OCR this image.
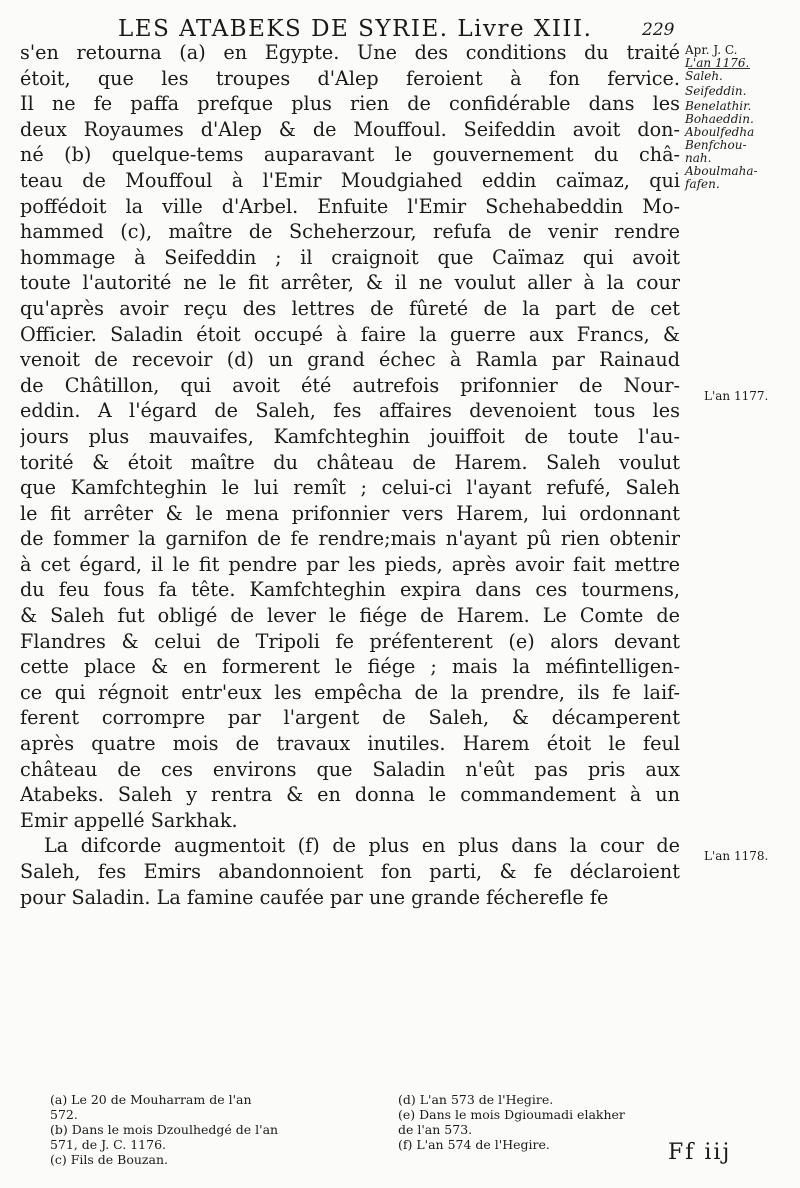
LES ATABEKS DE SYRIE. Livre XIII.	229
s'en retourna (a) en Egypte. Une des conditions du traité
étoit, que les troupes d'Alep feroient à fon fervice.
Il ne fe paffa prefque plus rien de confidérable dans les
deux Royaumes d'Alep & de Mouffoul. Seifeddin avoit don-
né (b) quelque-tems auparavant le gouvernement du châ-
teau de Mouffoul à l'Emir Moudgiahed eddin caïmaz, qui
poffédoit la ville d'Arbel. Enfuite l'Emir Schehabeddin Mo-
hammed (c), maître de Scheherzour, refufa de venir rendre
hommage à Seifeddin ; il craignoit que Caïmaz qui avoit
toute l'autorité ne le fit arrêter, & il ne voulut aller à la cour
qu'après avoir reçu des lettres de fûreté de la part de cet
Officier. Saladin étoit occupé à faire la guerre aux Francs, &
venoit de recevoir (d) un grand échec à Ramla par Rainaud
de Châtillon, qui avoit été autrefois prifonnier de Nour-
eddin. A l'égard de Saleh, fes affaires devenoient tous les
jours plus mauvaifes, Kamfchteghin jouiffoit de toute l'au-
torité & étoit maître du château de Harem. Saleh voulut
que Kamfchteghin le lui remît ; celui-ci l'ayant refufé, Saleh
le fit arrêter & le mena prifonnier vers Harem, lui ordonnant
de fommer la garnifon de fe rendre;mais n'ayant pû rien obtenir
à cet égard, il le fit pendre par les pieds, après avoir fait mettre
du feu fous fa tête. Kamfchteghin expira dans ces tourmens,
& Saleh fut obligé de lever le fiége de Harem. Le Comte de
Flandres & celui de Tripoli fe préfenterent (e) alors devant
cette place & en formerent le fiége ; mais la méfintelligen-
ce qui régnoit entr'eux les empêcha de la prendre, ils fe laif-
ferent corrompre par l'argent de Saleh, & décamperent
après quatre mois de travaux inutiles. Harem étoit le feul
château de ces environs que Saladin n'eût pas pris aux
Atabeks. Saleh y rentra & en donna le commandement à un
Emir appellé Sarkhak.
La difcorde augmentoit (f) de plus en plus dans la cour de
Saleh, fes Emirs abandonnoient fon parti, & fe déclaroient
pour Saladin. La famine caufée par une grande fécherefle fe
Apr. J. C.
L'an 1176.
Saleh.
Seifeddin.
Benelathir.
Bohaeddin.
Aboulfedha
Benfchou-
nah.
Aboulmaha-
fafen.
L'an 1177.
L'an 1178.
(a) Le 20 de Mouharram de l'an
572.
(b) Dans le mois Dzoulhedgé de l'an
571, de J. C. 1176.
(c) Fils de Bouzan.
(d) L'an 573 de l'Hegire.
(e) Dans le mois Dgioumadi elakher
de l'an 573.
(f) L'an 574 de l'Hegire.	Ff iij
